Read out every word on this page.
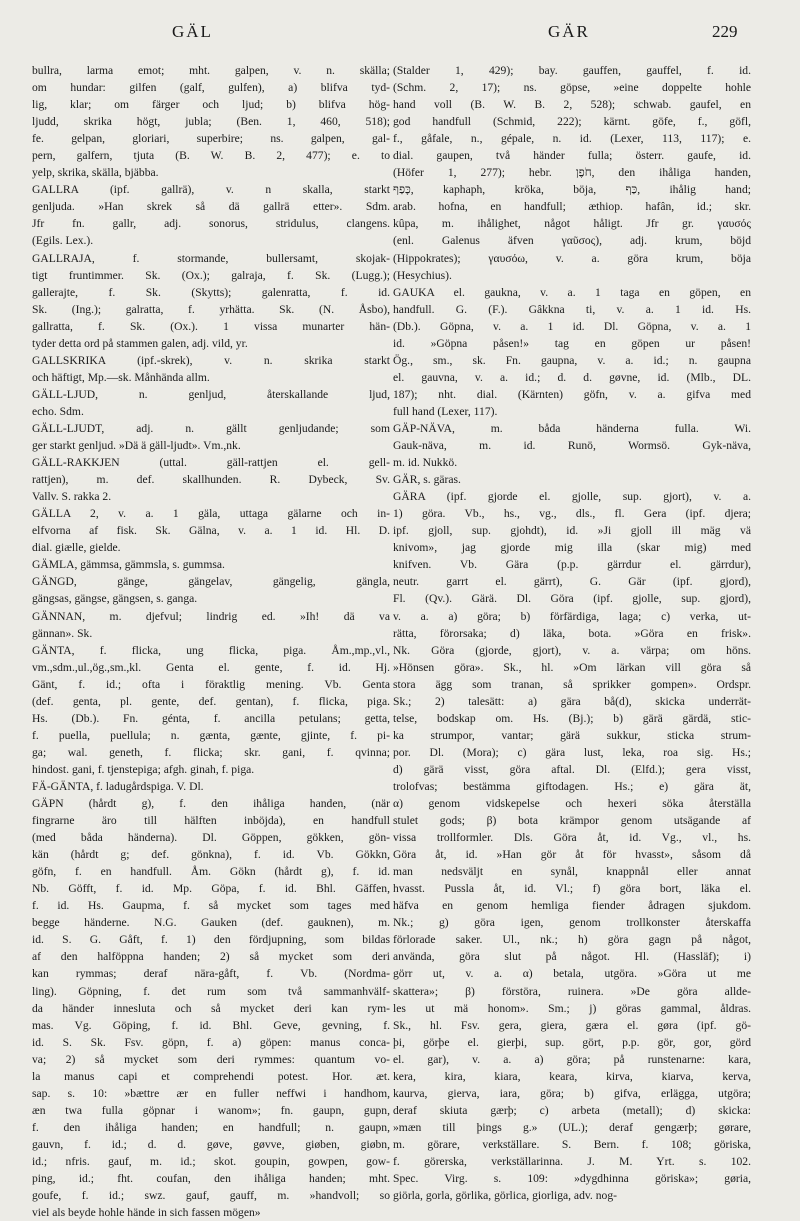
GÄL	GÄR	229
bullra, larma emot; mht. galpen, v. n. skälla;
om hundar: gilfen (galf, gulfen), a) blifva tyd-
lig, klar; om färger och ljud; b) blifva hög-
ljudd, skrika högt, jubla; (Ben. 1, 460, 518);
fe. gelpan, gloriari, superbire; ns. galpen, gal-
pern, galfern, tjuta (B. W. B. 2, 477); e. to
yelp, skrika, skälla, bjäbba.
GALLRA (ipf. gallrä), v. n skalla, starkt
genljuda. »Han skrek så dä gallrä etter». Sdm.
Jfr fn. gallr, adj. sonorus, stridulus, clangens.
(Egils. Lex.).
GALLRAJA, f. stormande, bullersamt, skojak-
tigt fruntimmer. Sk. (Ox.); galraja, f. Sk. (Lugg.);
gallerajte, f. Sk. (Skytts); galenratta, f. id.
Sk. (Ing.); galratta, f. yrhätta. Sk. (N. Åsbo),
gallratta, f. Sk. (Ox.). 1 vissa munarter hän-
tyder detta ord på stammen galen, adj. vild, yr.
GALLSKRIKA (ipf.-skrek), v. n. skrika starkt
och häftigt, Mp.—sk. Månhända allm.
GÄLL-LJUD, n. genljud, återskallande ljud,
echo. Sdm.
GÄLL-LJUDT, adj. n. gällt genljudande; som
ger starkt genljud. »Dä ä gäll-ljudt». Vm.,nk.
GÄLL-RAKKJEN (uttal. gäll-rattjen el. gell-
rattjen), m. def. skallhunden. R. Dybeck, Sv.
Vallv. S. rakka 2.
GÄLLA 2, v. a. 1 gäla, uttaga gälarne och in-
elfvorna af fisk. Sk. Gälna, v. a. 1 id. Hl. D.
dial. giælle, gielde.
GÄMLA, gämmsa, gämmsla, s. gummsa.
GÄNGD, gänge, gängelav, gängelig, gängla,
gängsas, gängse, gängsen, s. ganga.
GÄNNAN, m. djefvul; lindrig ed. »Ih! dä va
gännan». Sk.
GÄNTA, f. flicka, ung flicka, piga. Åm.,mp.,vl.,
vm.,sdm.,ul.,ög.,sm.,kl. Genta el. gente, f. id. Hj.
Gänt, f. id.; ofta i föraktlig mening. Vb. Genta
(def. genta, pl. gente, def. gentan), f. flicka, piga.
Hs. (Db.). Fn. génta, f. ancilla petulans; getta,
f. puella, puellula; n. gænta, gænte, gjinte, f. pi-
ga; wal. geneth, f. flicka; skr. gani, f. qvinna;
hindost. gani, f. tjenstepiga; afgh. ginah, f. piga.
FÄ-GÄNTA, f. ladugårdspiga. V. Dl.
GÄPN (hårdt g), f. den ihåliga handen, (när
fingrarne äro till hälften inböjda), en handfull
(med båda händerna). Dl. Göppen, gökken, gön-
kän (hårdt g; def. gönkna), f. id. Vb. Gökkn,
göfn, f. en handfull. Åm. Gökn (hårdt g), f. id.
Nb. Göfft, f. id. Mp. Göpa, f. id. Bhl. Gäffen,
f. id. Hs. Gaupma, f. så mycket som tages med
begge händerne. N.G. Gauken (def. gauknen), m.
id. S. G. Gåft, f. 1) den fördjupning, som bildas
af den halföppna handen; 2) så mycket som deri
kan rymmas; deraf nära-gåft, f. Vb. (Nordma-
ling). Göpning, f. det rum som två sammanhvälf-
da händer innesluta och så mycket deri kan rym-
mas. Vg. Göping, f. id. Bhl. Geve, gevning, f.
id. S. Sk. Fsv. göpn, f. a) göpen: manus conca-
va; 2) så mycket som deri rymmes: quantum vo-
la manus capi et comprehendi potest. Hor. æt.
sap. s. 10: »bættre ær en fuller neffwi i handhom,
æn twa fulla göpnar i wanom»; fn. gaupn, gupn,
f. den ihåliga handen; en handfull; n. gaupn,
gauvn, f. id.; d. d. gøve, gøvve, giøben, giøbn,
id.; nfris. gauf, m. id.; skot. goupin, gowpen, gow-
ping, id.; fht. coufan, den ihåliga handen; mht.
goufe, f. id.; swz. gauf, gauff, m. »handvoll; so
viel als beyde hohle hände in sich fassen mögen»
(Stalder 1, 429); bay. gauffen, gauffel, f. id.
(Schm. 2, 17); ns. göpse, »eine doppelte hohle
hand voll (B. W. B. 2, 528); schwab. gaufel, en
god handfull (Schmid, 222); kärnt. göfe, f., göfl,
f., gåfale, n., gépale, n. id. (Lexer, 113, 117); e.
dial. gaupen, två händer fulla; österr. gaufe, id.
(Höfer 1, 277); hebr. חֹפֶן, den ihåliga handen,
כָּפַף, kaphaph, kröka, böja, כַּף, ihålig hand;
arab. hofna, en handfull; æthiop. hafân, id.; skr.
kûpa, m. ihålighet, något håligt. Jfr gr. γαυσός
(enl. Galenus äfven γαῦσος), adj. krum, böjd
(Hippokrates); γαυσόω, v. a. göra krum, böja
(Hesychius).
GAUKA el. gaukna, v. a. 1 taga en göpen, en
handfull. G. (F.). Gâkkna ti, v. a. 1 id. Hs.
(Db.). Göpna, v. a. 1 id. Dl. Göpna, v. a. 1
id. »Göpna påsen!» tag en göpen ur påsen!
Ög., sm., sk. Fn. gaupna, v. a. id.; n. gaupna
el. gauvna, v. a. id.; d. d. gøvne, id. (Mlb., DL.
187); nht. dial. (Kärnten) göfn, v. a. gifva med
full hand (Lexer, 117).
GÄP-NÄVA, m. båda händerna fulla. Wi.
Gauk-näva, m. id. Runö, Wormsö. Gyk-näva,
m. id. Nukkö.
GÄR, s. gäras.
GÄRA (ipf. gjorde el. gjolle, sup. gjort), v. a.
1) göra. Vb., hs., vg., dls., fl. Gera (ipf. djera;
ipf. gjoll, sup. gjohdt), id. »Ji gjoll ill mäg vä
knivom», jag gjorde mig illa (skar mig) med
knifven. Vb. Gära (p.p. gärrdur el. gärrdur),
neutr. garrt el. gärrt), G. Gär (ipf. gjord),
Fl. (Qv.). Gärä. Dl. Göra (ipf. gjolle, sup. gjord),
v. a. a) göra; b) förfärdiga, laga; c) verka, ut-
rätta, förorsaka; d) läka, bota. »Göra en frisk».
Nk. Göra (gjorde, gjort), v. a. värpa; om höns.
»Hönsen göra». Sk., hl. »Om lärkan vill göra så
stora ägg som tranan, så sprikker gompen». Ordspr.
Sk.; 2) talesätt: a) gära bå(d), skicka underrät-
telse, bodskap om. Hs. (Bj.); b) gärä gärdä, stic-
ka strumpor, vantar; gärä sukkur, sticka strum-
por. Dl. (Mora); c) gära lust, leka, roa sig. Hs.;
d) gärä visst, göra aftal. Dl. (Elfd.); gera visst,
trolofvas; bestämma giftodagen. Hs.; e) gära ät,
α) genom vidskepelse och hexeri söka återställa
stulet gods; β) bota krämpor genom utsägande af
vissa trollformler. Dls. Göra åt, id. Vg., vl., hs.
Göra åt, id. »Han gör åt för hvasst», såsom då
man nedsväljt en synål, knappnål eller annat
hvasst. Pussla åt, id. Vl.; f) göra bort, läka el.
häfva en genom hemliga fiender ådragen sjukdom.
Nk.; g) göra igen, genom trollkonster återskaffa
förlorade saker. Ul., nk.; h) göra gagn på något,
använda, göra slut på något. Hl. (Hassläf); i)
görr ut, v. a. α) betala, utgöra. »Göra ut me
skattera»; β) förstöra, ruinera. »De göra allde-
les ut mä honom». Sm.; j) göras gammal, åldras.
Sk., hl. Fsv. gera, giera, gæra el. gøra (ipf. gö-
þi, görþe el. gierþi, sup. gört, p.p. gör, gor, görd
el. gar), v. a. a) göra; på runstenarne: kara,
kera, kira, kiara, keara, kirva, kiarva, kerva,
kaurva, gierva, iara, göra; b) gifva, erlägga, utgöra;
deraf skiuta gærþ; c) arbeta (metall); d) skicka:
»mæn till þings g.» (UL.); deraf gengærþ; gørare,
m. görare, verkställare. S. Bern. f. 108; göriska,
f. görerska, verkställarinna. J. M. Yrt. s. 102.
Spec. Virg. s. 109: »dygdhinna göriska»; gøria,
giörla, gorla, görlika, görlica, giorliga, adv. nog-
